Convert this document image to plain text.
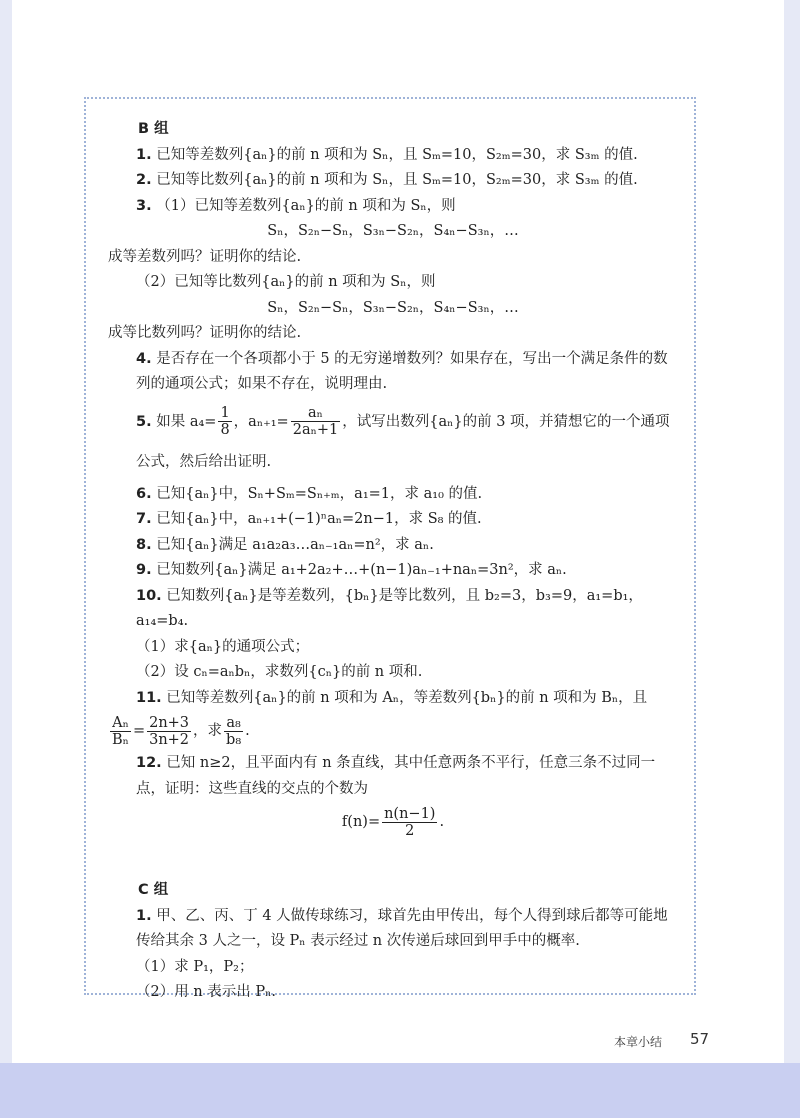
B 组

1. 已知等差数列{aₙ}的前 n 项和为 Sₙ，且 Sₘ=10，S₂ₘ=30，求 S₃ₘ 的值.

2. 已知等比数列{aₙ}的前 n 项和为 Sₙ，且 Sₘ=10，S₂ₘ=30，求 S₃ₘ 的值.

3. （1）已知等差数列{aₙ}的前 n 项和为 Sₙ，则

Sₙ，S₂ₙ−Sₙ，S₃ₙ−S₂ₙ，S₄ₙ−S₃ₙ，…

成等差数列吗？证明你的结论.

（2）已知等比数列{aₙ}的前 n 项和为 Sₙ，则

Sₙ，S₂ₙ−Sₙ，S₃ₙ−S₂ₙ，S₄ₙ−S₃ₙ，…

成等比数列吗？证明你的结论.

4. 是否存在一个各项都小于 5 的无穷递增数列？如果存在，写出一个满足条件的数列的通项公式；如果不存在，说明理由.

5. 如果 $a_4= \frac{1}{8}$ ，$a_{n+1}= \frac{\text{aₙ}}{\text{2aₙ+1}}$ ，试写出数列{aₙ}的前 3 项，并猜想它的一个通项公式，然后给出证明.

6. 已知{aₙ}中，Sₙ+Sₘ=Sₙ₊ₘ，a₁=1，求 a₁₀ 的值.

7. 已知{aₙ}中，aₙ₊₁+(−1)ⁿaₙ=2n−1，求 S₈ 的值.

8. 已知{aₙ}满足 a₁a₂a₃…aₙ₋₁aₙ=n²，求 aₙ.

9. 已知数列{aₙ}满足 a₁+2a₂+…+(n−1)aₙ₋₁+naₙ=3n²，求 aₙ.

10. 已知数列{aₙ}是等差数列，{bₙ}是等比数列，且 b₂=3，b₃=9，a₁=b₁，a₁₄=b₄.

（1）求{aₙ}的通项公式；

（2）设 cₙ=aₙbₙ，求数列{cₙ}的前 n 项和.

11. 已知等差数列{aₙ}的前 n 项和为 Aₙ，等差数列{bₙ}的前 n 项和为 Bₙ，且

$\frac{\text{Aₙ}}{\text{Bₙ}} = \frac{2n+3}{3n+2}$ ，求 $\frac{\text{a₈}}{\text{b₈}}$ .

12. 已知 n≥2，且平面内有 n 条直线，其中任意两条不平行，任意三条不过同一点，证明：这些直线的交点的个数为

$f(n)= \frac{n(n-1)}{2}$ .

C 组

1. 甲、乙、丙、丁 4 人做传球练习，球首先由甲传出，每个人得到球后都等可能地传给其余 3 人之一，设 Pₙ 表示经过 n 次传递后球回到甲手中的概率.

（1）求 P₁，P₂；

（2）用 n 表示出 Pₙ.

本章小结 57
